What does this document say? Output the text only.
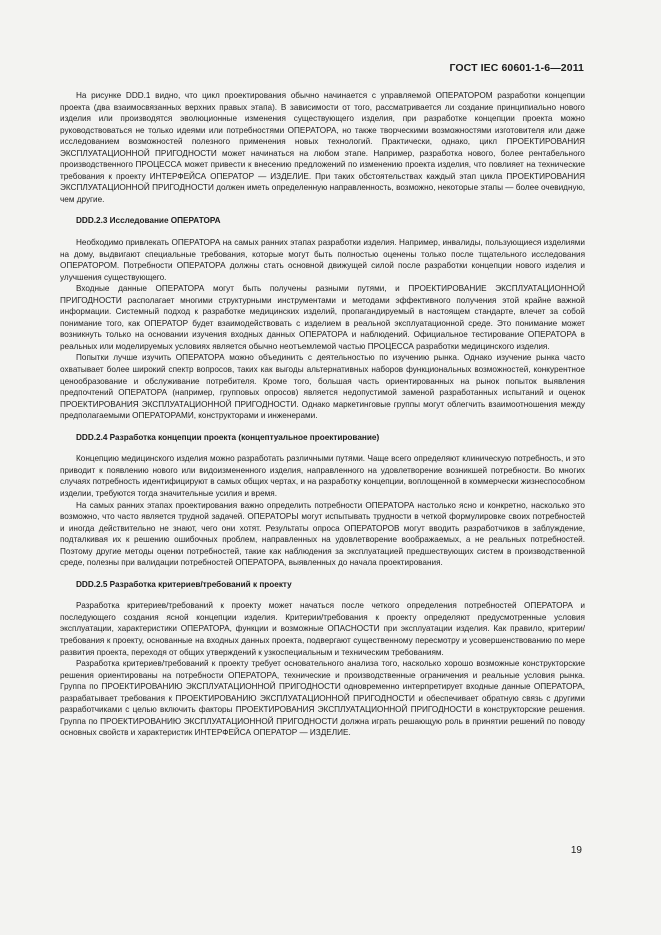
ГОСТ IEC 60601-1-6—2011

На рисунке DDD.1 видно, что цикл проектирования обычно начинается с управляемой ОПЕРАТОРОМ разработки концепции проекта (два взаимосвязанных верхних правых этапа). В зависимости от того, рассматривается ли создание принципиально нового изделия или производятся эволюционные изменения существующего изделия, при разработке концепции проекта можно руководствоваться не только идеями или потребностями ОПЕРАТОРА, но также творческими возможностями изготовителя или даже исследованием возможностей полезного применения новых технологий. Практически, однако, цикл ПРОЕКТИРОВАНИЯ ЭКСПЛУАТАЦИОННОЙ ПРИГОДНОСТИ может начинаться на любом этапе. Например, разработка нового, более рентабельного производственного ПРОЦЕССА может привести к внесению предложений по изменению проекта изделия, что повлияет на технические требования к проекту ИНТЕРФЕЙСА ОПЕРАТОР — ИЗДЕЛИЕ. При таких обстоятельствах каждый этап цикла ПРОЕКТИРОВАНИЯ ЭКСПЛУАТАЦИОННОЙ ПРИГОДНОСТИ должен иметь определенную направленность, возможно, некоторые этапы — более очевидную, чем другие.

DDD.2.3 Исследование ОПЕРАТОРА

Необходимо привлекать ОПЕРАТОРА на самых ранних этапах разработки изделия. Например, инвалиды, пользующиеся изделиями на дому, выдвигают специальные требования, которые могут быть полностью оценены только после тщательного исследования ОПЕРАТОРОМ. Потребности ОПЕРАТОРА должны стать основной движущей силой после разработки концепции нового изделия и улучшения существующего.

Входные данные ОПЕРАТОРА могут быть получены разными путями, и ПРОЕКТИРОВАНИЕ ЭКСПЛУАТАЦИОННОЙ ПРИГОДНОСТИ располагает многими структурными инструментами и методами эффективного получения этой крайне важной информации. Системный подход к разработке медицинских изделий, пропагандируемый в настоящем стандарте, влечет за собой понимание того, как ОПЕРАТОР будет взаимодействовать с изделием в реальной эксплуатационной среде. Это понимание может возникнуть только на основании изучения входных данных ОПЕРАТОРА и наблюдений. Официальное тестирование ОПЕРАТОРА в реальных или моделируемых условиях является обычно неотъемлемой частью ПРОЦЕССА разработки медицинского изделия.

Попытки лучше изучить ОПЕРАТОРА можно объединить с деятельностью по изучению рынка. Однако изучение рынка часто охватывает более широкий спектр вопросов, таких как выгоды альтернативных наборов функциональных возможностей, конкурентное ценообразование и обслуживание потребителя. Кроме того, большая часть ориентированных на рынок попыток выявления предпочтений ОПЕРАТОРА (например, групповых опросов) является недопустимой заменой разработанных испытаний и оценок ПРОЕКТИРОВАНИЯ ЭКСПЛУАТАЦИОННОЙ ПРИГОДНОСТИ. Однако маркетинговые группы могут облегчить взаимоотношения между предполагаемыми ОПЕРАТОРАМИ, конструкторами и инженерами.

DDD.2.4 Разработка концепции проекта (концептуальное проектирование)

Концепцию медицинского изделия можно разработать различными путями. Чаще всего определяют клиническую потребность, и это приводит к появлению нового или видоизмененного изделия, направленного на удовлетворение возникшей потребности. Во многих случаях потребность идентифицируют в самых общих чертах, и на разработку концепции, воплощенной в коммерчески жизнеспособном изделии, требуются тогда значительные усилия и время.

На самых ранних этапах проектирования важно определить потребности ОПЕРАТОРА настолько ясно и конкретно, насколько это возможно, что часто является трудной задачей. ОПЕРАТОРЫ могут испытывать трудности в четкой формулировке своих потребностей и иногда действительно не знают, чего они хотят. Результаты опроса ОПЕРАТОРОВ могут вводить разработчиков в заблуждение, подталкивая их к решению ошибочных проблем, направленных на удовлетворение воображаемых, а не реальных потребностей. Поэтому другие методы оценки потребностей, такие как наблюдения за эксплуатацией предшествующих систем в производственной среде, полезны при валидации потребностей ОПЕРАТОРА, выявленных до начала проектирования.

DDD.2.5 Разработка критериев/требований к проекту

Разработка критериев/требований к проекту может начаться после четкого определения потребностей ОПЕРАТОРА и последующего создания ясной концепции изделия. Критерии/требования к проекту определяют предусмотренные условия эксплуатации, характеристики ОПЕРАТОРА, функции и возможные ОПАСНОСТИ при эксплуатации изделия. Как правило, критерии/требования к проекту, основанные на входных данных проекта, подвергают существенному пересмотру и усовершенствованию по мере развития проекта, переходя от общих утверждений к узкоспециальным и техническим требованиям.

Разработка критериев/требований к проекту требует основательного анализа того, насколько хорошо возможные конструкторские решения ориентированы на потребности ОПЕРАТОРА, технические и производственные ограничения и реальные условия рынка. Группа по ПРОЕКТИРОВАНИЮ ЭКСПЛУАТАЦИОННОЙ ПРИГОДНОСТИ одновременно интерпретирует входные данные ОПЕРАТОРА, разрабатывает требования к ПРОЕКТИРОВАНИЮ ЭКСПЛУАТАЦИОННОЙ ПРИГОДНОСТИ и обеспечивает обратную связь с другими разработчиками с целью включить факторы ПРОЕКТИРОВАНИЯ ЭКСПЛУАТАЦИОННОЙ ПРИГОДНОСТИ в конструкторские решения. Группа по ПРОЕКТИРОВАНИЮ ЭКСПЛУАТАЦИОННОЙ ПРИГОДНОСТИ должна играть решающую роль в принятии решений по поводу основных свойств и характеристик ИНТЕРФЕЙСА ОПЕРАТОР — ИЗДЕЛИЕ.

19
